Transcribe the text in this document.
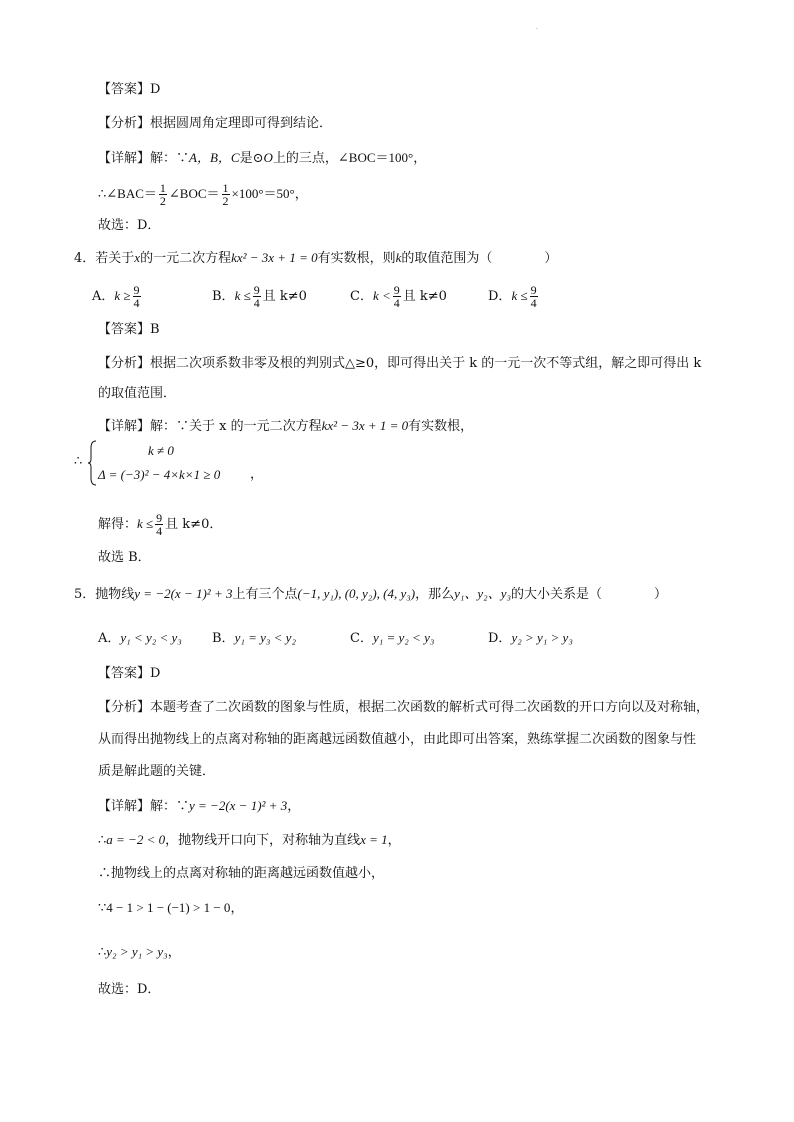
·
【答案】D
【分析】根据圆周角定理即可得到结论．
【详解】解：∵A，B，C是⊙O上的三点，∠BOC＝100°，
∴∠BAC＝ $\frac{1}{2}$ ∠BOC＝ $\frac{1}{2} \times 100^\circ=50^\circ$，
故选：D．
4．若关于x的一元二次方程kx² − 3x + 1 = 0有实数根，则k的取值范围为（　　　　）
A．$k \ge \frac{9}{4}$	B．$k \le \frac{9}{4}$ 且 k≠0	C．$k < \frac{9}{4}$ 且 k≠0	D．$k \le \frac{9}{4}$
【答案】B
【分析】根据二次项系数非零及根的判别式△≥0，即可得出关于 k 的一元一次不等式组，解之即可得出 k
的取值范围．
【详解】解：∵关于 x 的一元二次方程kx² − 3x + 1 = 0有实数根，
∴
k ≠ 0
Δ = (−3)² − 4×k×1 ≥ 0 ，
解得：$k \le \frac{9}{4}$ 且 k≠0．
故选 B．
5．抛物线y = −2(x − 1)² + 3上有三个点(−1, y₁), (0, y₂), (4, y₃)，那么y₁、y₂、y₃的大小关系是（　　　　）
A．y₁ < y₂ < y₃ B．y₁ = y₃ < y₂	C．y₁ = y₂ < y₃	D．y₂ > y₁ > y₃
【答案】D
【分析】本题考查了二次函数的图象与性质，根据二次函数的解析式可得二次函数的开口方向以及对称轴，
从而得出抛物线上的点离对称轴的距离越远函数值越小，由此即可出答案，熟练掌握二次函数的图象与性
质是解此题的关键．
【详解】解：∵y = −2(x − 1)² + 3，
∴a = −2 < 0，抛物线开口向下，对称轴为直线x = 1，
∴抛物线上的点离对称轴的距离越远函数值越小，
∵4 − 1 > 1 − (−1) > 1 − 0，
∴y₂ > y₁ > y₃，
故选：D．
